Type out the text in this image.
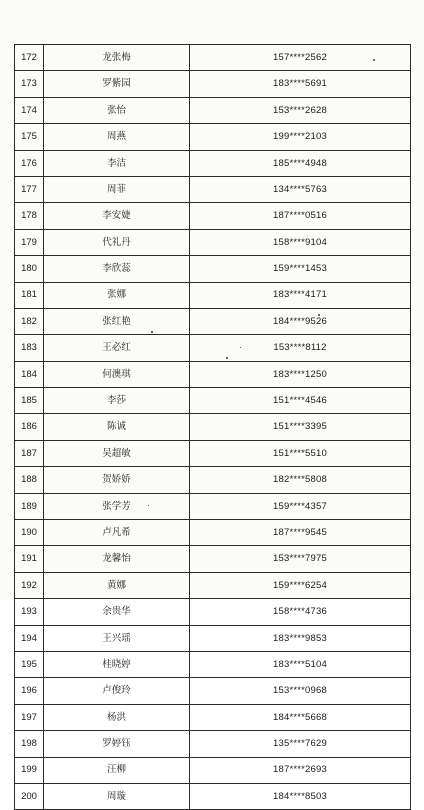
172	龙张梅	157****2562
173	罗紫园	183****5691
174	张怡	153****2628
175	周燕	199****2103
176	李洁	185****4948
177	周菲	134****5763
178	李安婕	187****0516
179	代礼丹	158****9104
180	李欣蕊	159****1453
181	张娜	183****4171
182	张红艳	184****9526
183	王必红	153****8112
184	何澳琪	183****1250
185	李莎	151****4546
186	陈诚	151****3395
187	吴超敏	151****5510
188	贺娇娇	182****5808
189	张学芳	159****4357
190	卢凡希	187****9545
191	龙馨怡	153****7975
192	黄娜	159****6254
193	余贵华	158****4736
194	王兴瑶	183****9853
195	桂晓婷	183****5104
196	卢俊玲	153****0968
197	杨洪	184****5668
198	罗婷钰	135****7629
199	汪柳	187****2693
200	周璇	184****8503
